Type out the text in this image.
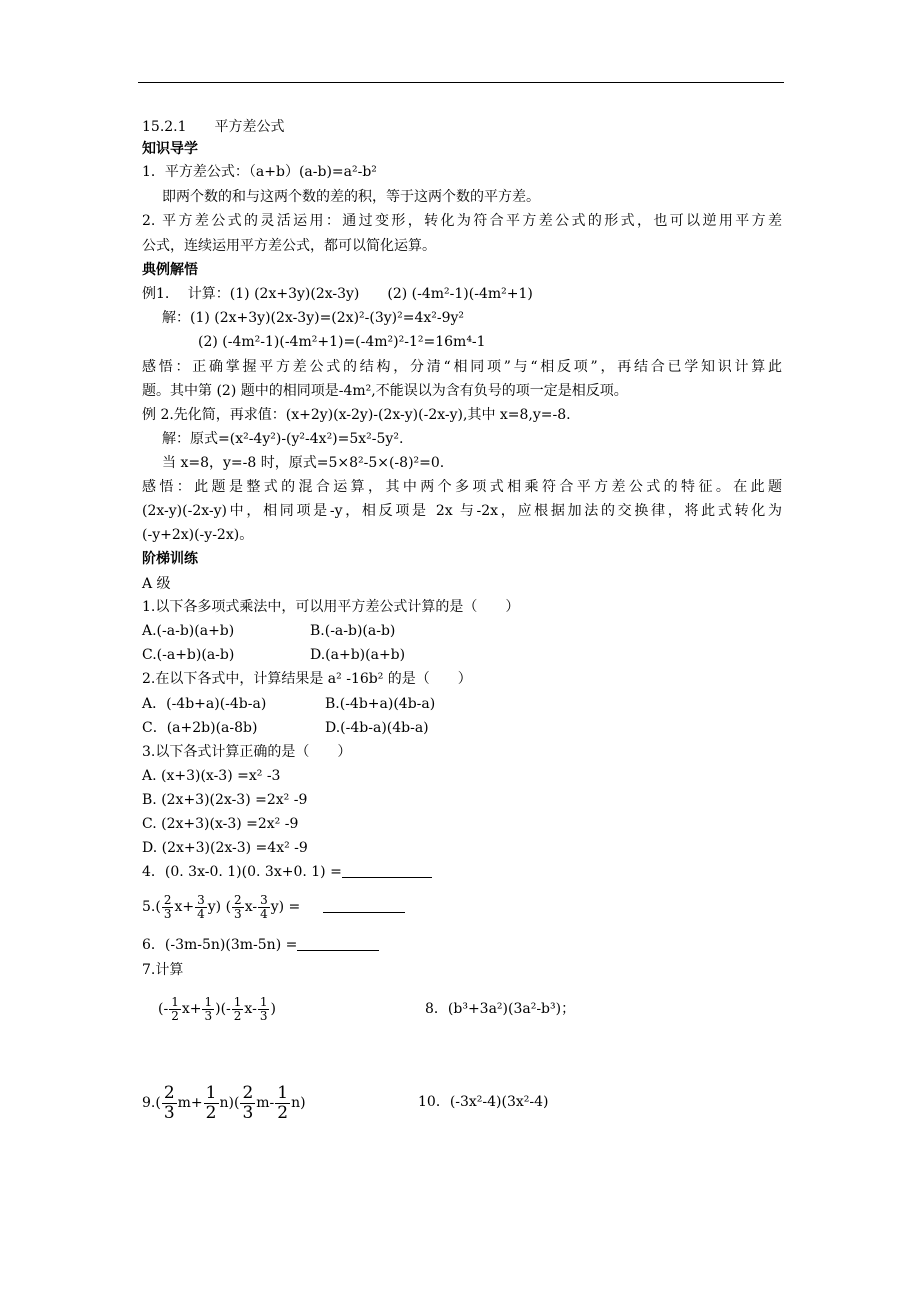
15.2.1　　平方差公式
知识导学
1．平方差公式：（a+b）(a-b)=a²-b²
即两个数的和与这两个数的差的积，等于这两个数的平方差。
2. 平方差公式的灵活运用：通过变形，转化为符合平方差公式的形式，也可以逆用平方差
公式，连续运用平方差公式，都可以简化运算。
典例解悟
例1.　 计算：(1) (2x+3y)(2x-3y)　　(2) (-4m²-1)(-4m²+1)
解：(1) (2x+3y)(2x-3y)=(2x)²-(3y)²=4x²-9y²
(2) (-4m²-1)(-4m²+1)=(-4m²)²-1²=16m⁴-1
感悟：正确掌握平方差公式的结构，分清“相同项”与“相反项”，再结合已学知识计算此
题。其中第 (2) 题中的相同项是-4m²,不能误以为含有负号的项一定是相反项。
例 2.先化简，再求值：(x+2y)(x-2y)-(2x-y)(-2x-y),其中 x=8,y=-8.
解：原式=(x²-4y²)-(y²-4x²)=5x²-5y².
当 x=8，y=-8 时，原式=5×8²-5×(-8)²=0.
感悟：此题是整式的混合运算，其中两个多项式相乘符合平方差公式的特征。在此题
(2x-y)(-2x-y)中，相同项是-y，相反项是 2x 与-2x，应根据加法的交换律，将此式转化为
(-y+2x)(-y-2x)。
阶梯训练
A 级
1.以下各多项式乘法中，可以用平方差公式计算的是（　　）
A.(-a-b)(a+b)	B.(-a-b)(a-b)
C.(-a+b)(a-b)	D.(a+b)(a+b)
2.在以下各式中，计算结果是 a² -16b² 的是（　　）
A．(-4b+a)(-4b-a)	B.(-4b+a)(4b-a)
C．(a+2b)(a-8b)	D.(-4b-a)(4b-a)
3.以下各式计算正确的是（　　）
A. (x+3)(x-3) =x² -3
B. (2x+3)(2x-3) =2x² -9
C. (2x+3)(x-3) =2x² -9
D. (2x+3)(2x-3) =4x² -9
4．(0. 3x-0. 1)(0. 3x+0. 1) =
$5.( \frac{2}{3} x+ \frac{3}{4} y)$ ( $\frac{2}{3} x- \frac{3}{4} y$) =
6．(-3m-5n)(3m-5n) =
7.计算
(- $\frac{1}{2} x+ \frac{1}{3}$ )(- $\frac{1}{2} x- \frac{1}{3}$ )	8．(b³+3a²)(3a²-b³)；
$9.( \frac{2}{3} m+ \frac{1}{2} n)( \frac{2}{3} m- \frac{1}{2} n)$	10．(-3x²-4)(3x²-4)
